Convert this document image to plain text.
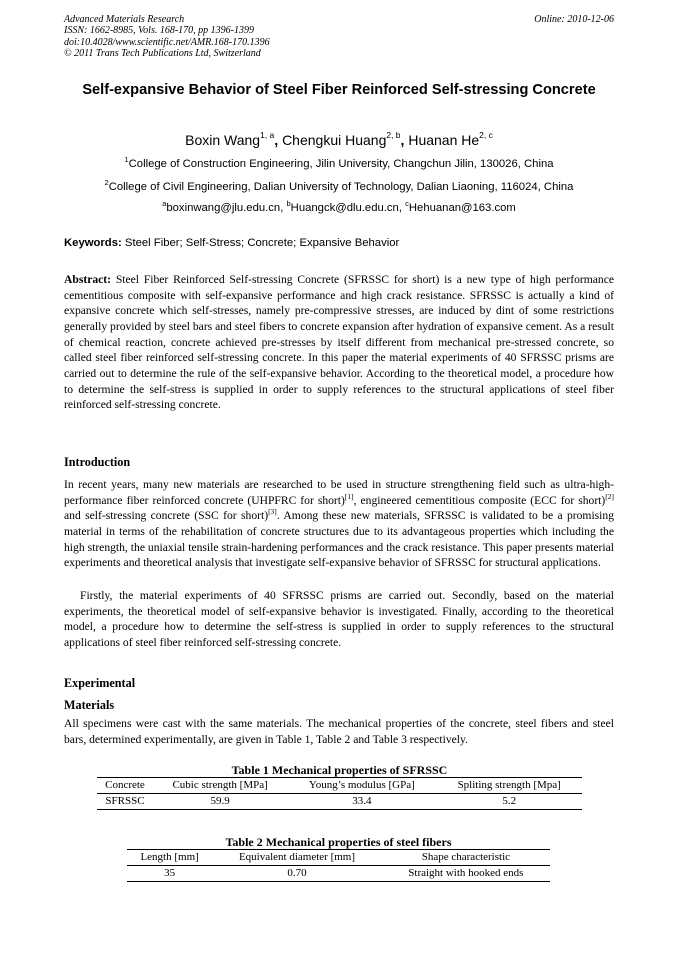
Advanced Materials Research
ISSN: 1662-8985, Vols. 168-170, pp 1396-1399
doi:10.4028/www.scientific.net/AMR.168-170.1396
© 2011 Trans Tech Publications Ltd, Switzerland
Online: 2010-12-06
Self-expansive Behavior of Steel Fiber Reinforced Self-stressing Concrete
Boxin Wang$^{1, a}$, Chengkui Huang$^{2, b}$, Huanan He$^{2, c}$
$^1$College of Construction Engineering, Jilin University, Changchun Jilin, 130026, China
$^2$College of Civil Engineering, Dalian University of Technology, Dalian Liaoning, 116024, China
$^a$boxinwang@jlu.edu.cn, $^b$Huangck@dlu.edu.cn, $^c$Hehuanan@163.com
Keywords: Steel Fiber; Self-Stress; Concrete; Expansive Behavior
Abstract: Steel Fiber Reinforced Self-stressing Concrete (SFRSSC for short) is a new type of high performance cementitious composite with self-expansive performance and high crack resistance. SFRSSC is actually a kind of expansive concrete which self-stresses, namely pre-compressive stresses, are induced by dint of some restrictions generally provided by steel bars and steel fibers to concrete expansion after hydration of expansive cement. As a result of chemical reaction, concrete achieved pre-stresses by itself different from mechanical pre-stressed concrete, so called steel fiber reinforced self-stressing concrete. In this paper the material experiments of 40 SFRSSC prisms are carried out to determine the rule of the self-expansive behavior. According to the theoretical model, a procedure how to determine the self-stress is supplied in order to supply references to the structural applications of steel fiber reinforced self-stressing concrete.
Introduction
In recent years, many new materials are researched to be used in structure strengthening field such as ultra-high-performance fiber reinforced concrete (UHPFRC for short)[1], engineered cementitious composite (ECC for short)[2] and self-stressing concrete (SSC for short)[3]. Among these new materials, SFRSSC is validated to be a promising material in terms of the rehabilitation of concrete structures due to its advantageous properties which including the high strength, the uniaxial tensile strain-hardening performances and the crack resistance. This paper presents material experiments and theoretical analysis that investigate self-expansive behavior of SFRSSC for structural applications.
Firstly, the material experiments of 40 SFRSSC prisms are carried out. Secondly, based on the material experiments, the theoretical model of self-expansive behavior is investigated. Finally, according to the theoretical model, a procedure how to determine the self-stress is supplied in order to supply references to the structural applications of steel fiber reinforced self-stressing concrete.
Experimental
Materials
All specimens were cast with the same materials. The mechanical properties of the concrete, steel fibers and steel bars, determined experimentally, are given in Table 1, Table 2 and Table 3 respectively.
Table 1 Mechanical properties of SFRSSC
Concrete	Cubic strength [MPa]	Young’s modulus [GPa]	Spliting strength [Mpa]
SFRSSC	59.9	33.4	5.2
Table 2 Mechanical properties of steel fibers
Length [mm]	Equivalent diameter [mm]	Shape characteristic
35	0.70	Straight with hooked ends
